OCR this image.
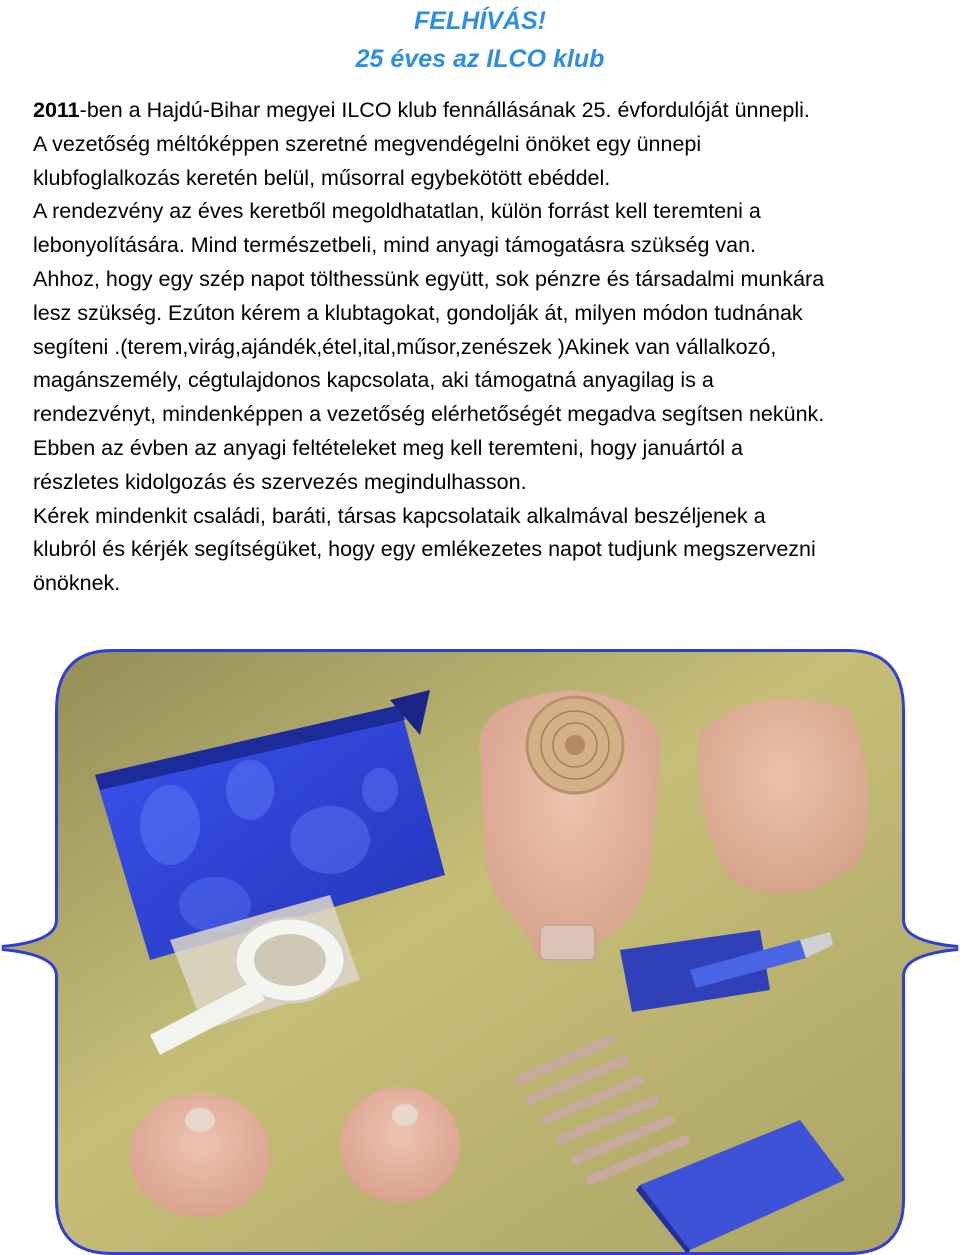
FELHÍVÁS!
25 éves az ILCO klub
2011-ben a Hajdú-Bihar megyei ILCO klub fennállásának 25. évfordulóját ünnepli.
A vezetőség méltóképpen szeretné megvendégelni önöket egy ünnepi
klubfoglalkozás keretén belül, műsorral egybekötött ebéddel.
A rendezvény az éves keretből megoldhatatlan, külön forrást kell teremteni a
lebonyolítására. Mind természetbeli, mind anyagi támogatásra szükség van.
Ahhoz, hogy egy szép napot tölthessünk együtt, sok pénzre és társadalmi munkára
lesz szükség. Ezúton kérem a klubtagokat, gondolják át, milyen módon tudnának
segíteni .(terem,virág,ajándék,étel,ital,műsor,zenészek )Akinek van vállalkozó,
magánszemély, cégtulajdonos kapcsolata, aki támogatná anyagilag is a
rendezvényt, mindenképpen a vezetőség elérhetőségét megadva segítsen nekünk.
Ebben az évben az anyagi feltételeket meg kell teremteni, hogy januártól a
részletes kidolgozás és szervezés megindulhasson.
Kérek mindenkit családi, baráti, társas kapcsolataik alkalmával beszéljenek a
klubról és kérjék segítségüket, hogy egy emlékezetes napot tudjunk megszervezni
önöknek.
